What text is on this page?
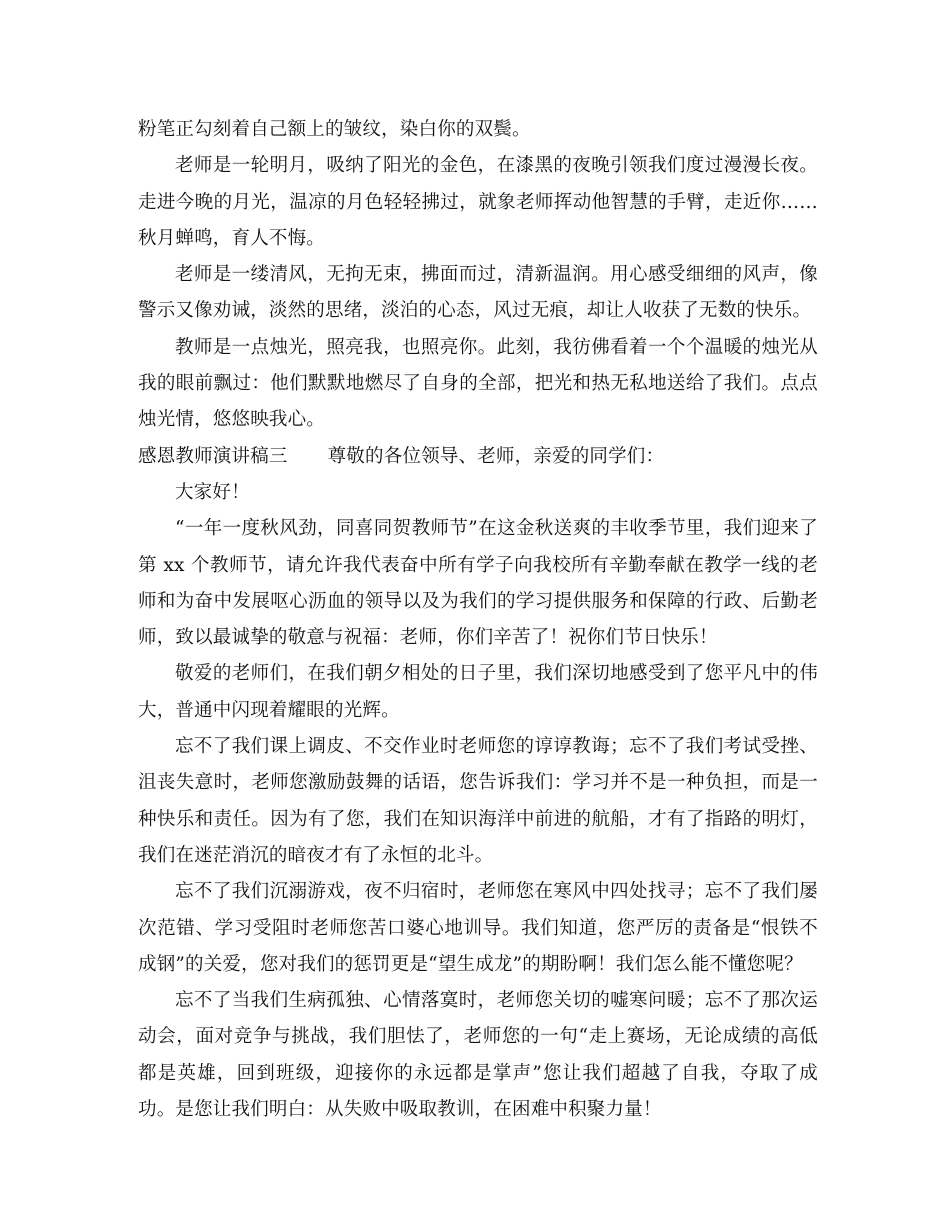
粉笔正勾刻着自己额上的皱纹，染白你的双鬓。

老师是一轮明月，吸纳了阳光的金色，在漆黑的夜晚引领我们度过漫漫长夜。走进今晚的月光，温凉的月色轻轻拂过，就象老师挥动他智慧的手臂，走近你……秋月蝉鸣，育人不悔。

老师是一缕清风，无拘无束，拂面而过，清新温润。用心感受细细的风声，像警示又像劝诫，淡然的思绪，淡泊的心态，风过无痕，却让人收获了无数的快乐。

教师是一点烛光，照亮我，也照亮你。此刻，我彷佛看着一个个温暖的烛光从我的眼前飘过：他们默默地燃尽了自身的全部，把光和热无私地送给了我们。点点烛光情，悠悠映我心。

感恩教师演讲稿三 尊敬的各位领导、老师，亲爱的同学们：

大家好！

“一年一度秋风劲，同喜同贺教师节”在这金秋送爽的丰收季节里，我们迎来了第 xx 个教师节，请允许我代表奋中所有学子向我校所有辛勤奉献在教学一线的老师和为奋中发展呕心沥血的领导以及为我们的学习提供服务和保障的行政、后勤老师，致以最诚挚的敬意与祝福：老师，你们辛苦了！祝你们节日快乐！

敬爱的老师们，在我们朝夕相处的日子里，我们深切地感受到了您平凡中的伟大，普通中闪现着耀眼的光辉。

忘不了我们课上调皮、不交作业时老师您的谆谆教诲；忘不了我们考试受挫、沮丧失意时，老师您激励鼓舞的话语，您告诉我们：学习并不是一种负担，而是一种快乐和责任。因为有了您，我们在知识海洋中前进的航船，才有了指路的明灯，我们在迷茫消沉的暗夜才有了永恒的北斗。

忘不了我们沉溺游戏，夜不归宿时，老师您在寒风中四处找寻；忘不了我们屡次范错、学习受阻时老师您苦口婆心地训导。我们知道，您严厉的责备是“恨铁不成钢”的关爱，您对我们的惩罚更是“望生成龙”的期盼啊！我们怎么能不懂您呢？

忘不了当我们生病孤独、心情落寞时，老师您关切的嘘寒问暖；忘不了那次运动会，面对竞争与挑战，我们胆怯了，老师您的一句“走上赛场，无论成绩的高低都是英雄，回到班级，迎接你的永远都是掌声”您让我们超越了自我，夺取了成功。是您让我们明白：从失败中吸取教训，在困难中积聚力量！
